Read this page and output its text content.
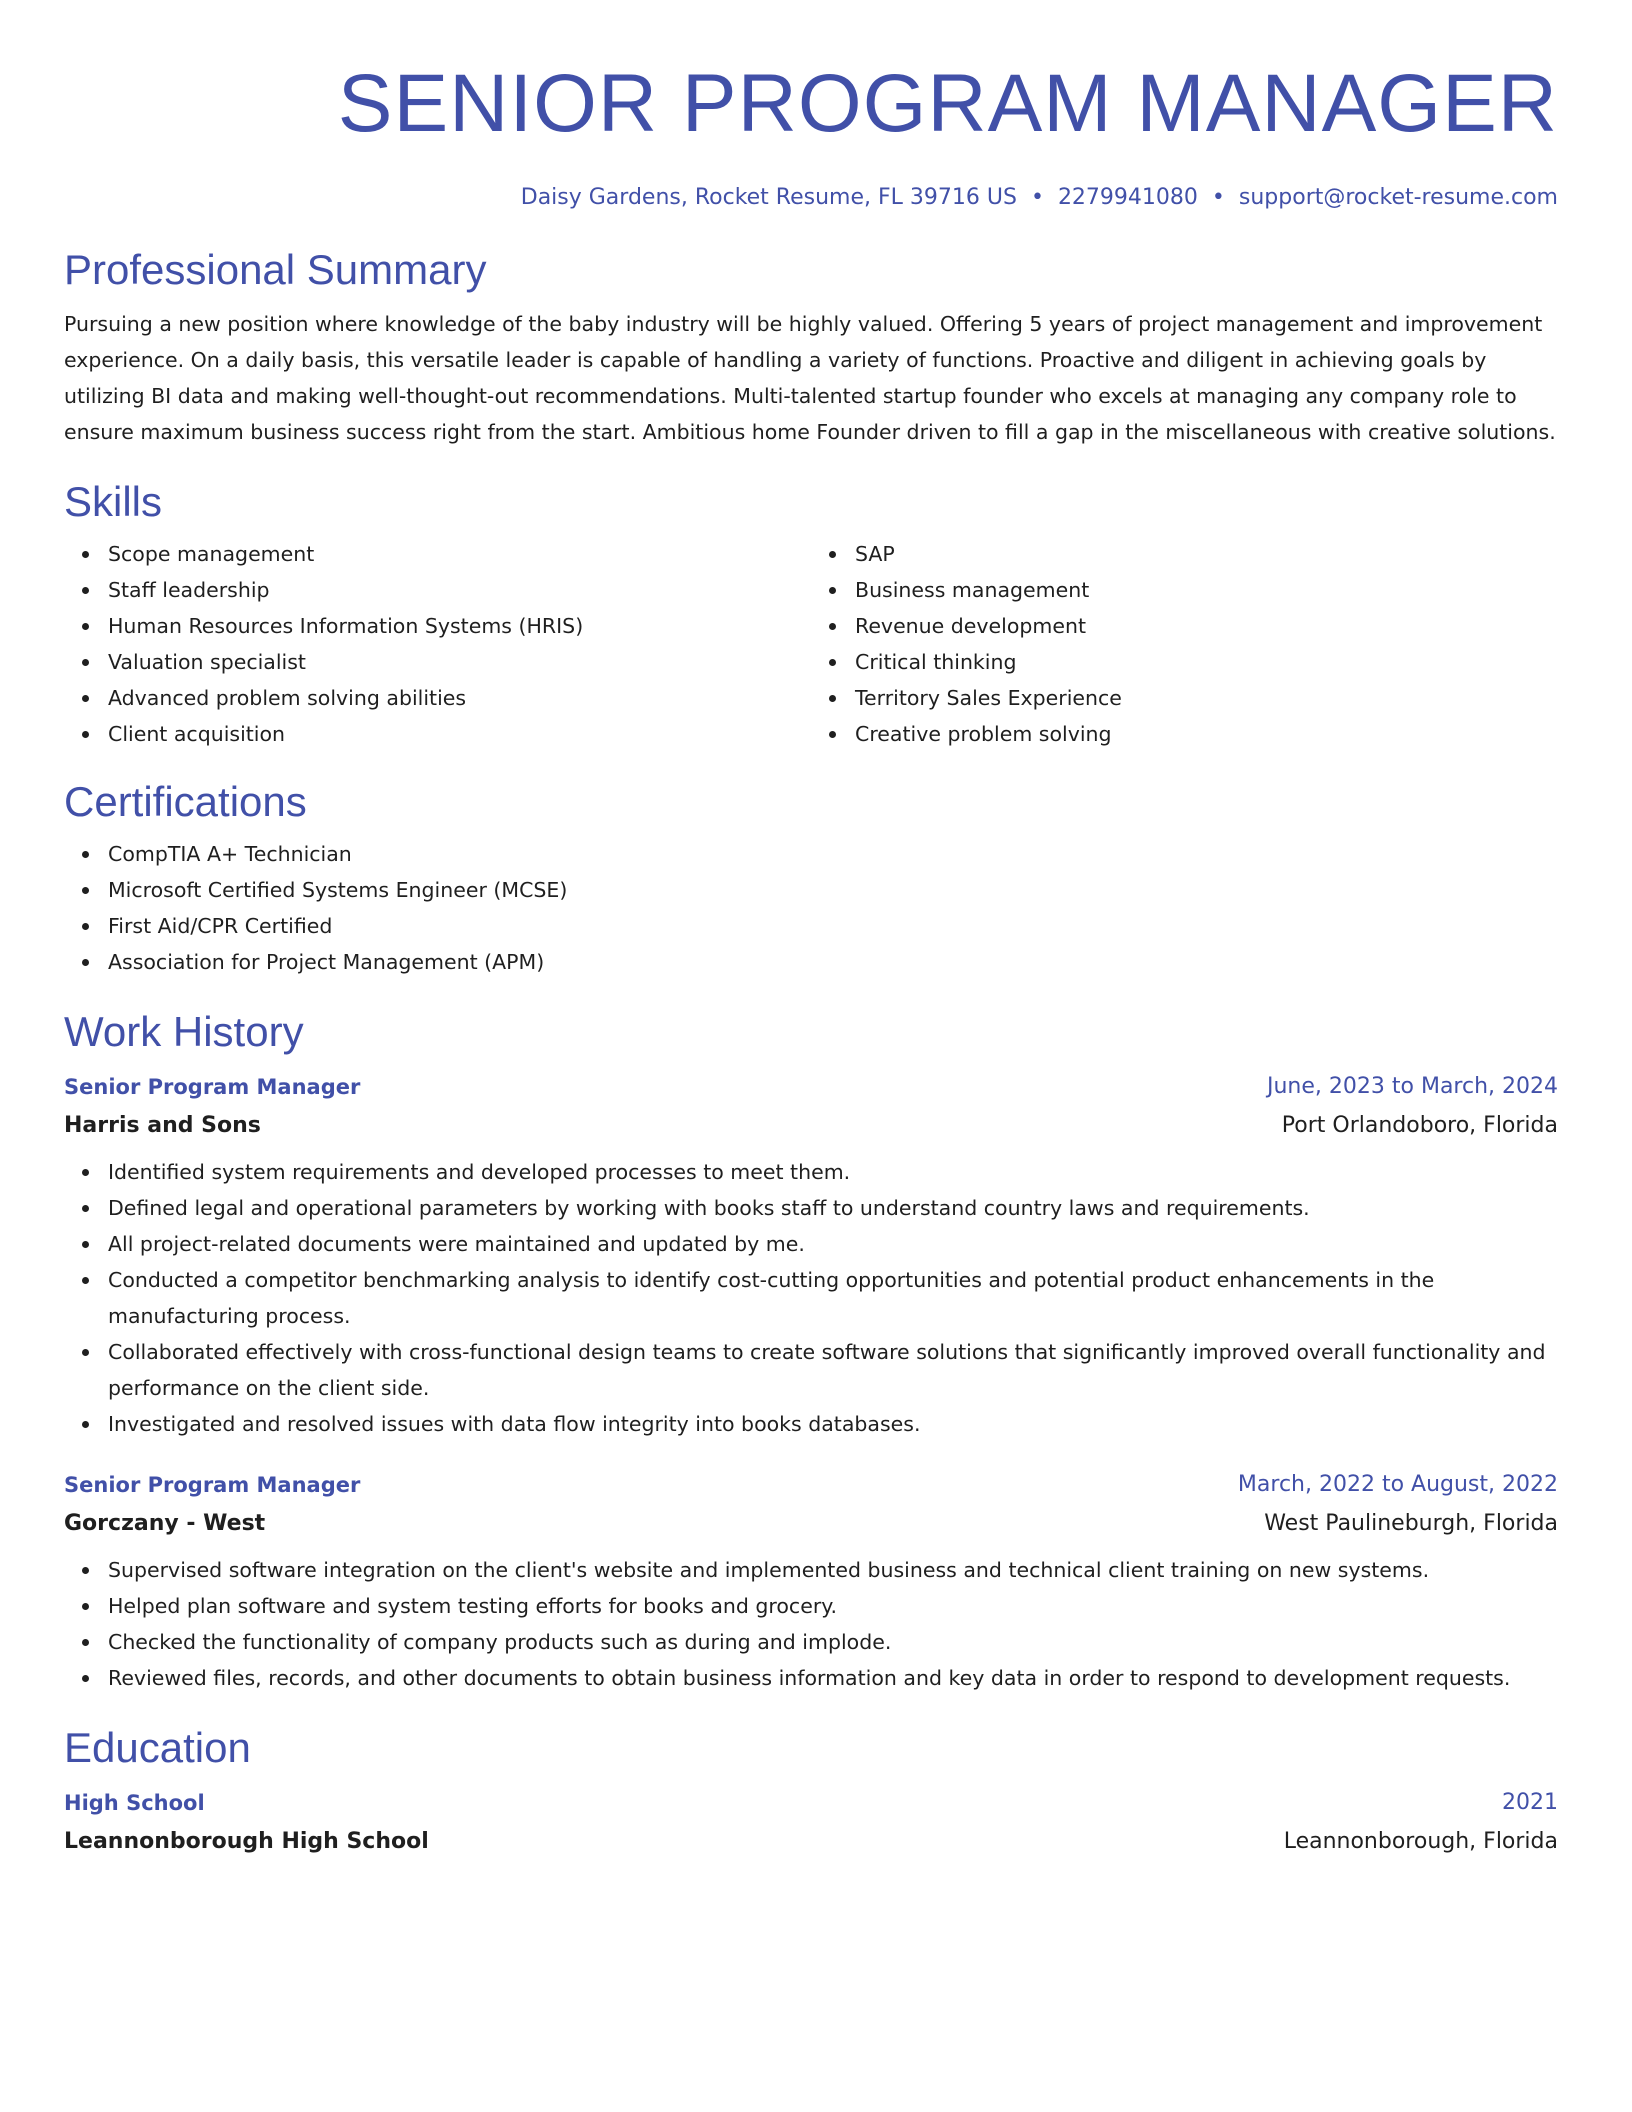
SENIOR PROGRAM MANAGER
Daisy Gardens, Rocket Resume, FL 39716 US • 2279941080 • support@rocket-resume.com
Professional Summary
Pursuing a new position where knowledge of the baby industry will be highly valued. Offering 5 years of project management and improvement experience. On a daily basis, this versatile leader is capable of handling a variety of functions. Proactive and diligent in achieving goals by utilizing BI data and making well-thought-out recommendations. Multi-talented startup founder who excels at managing any company role to ensure maximum business success right from the start. Ambitious home Founder driven to fill a gap in the miscellaneous with creative solutions.
Skills
Scope management
Staff leadership
Human Resources Information Systems (HRIS)
Valuation specialist
Advanced problem solving abilities
Client acquisition
SAP
Business management
Revenue development
Critical thinking
Territory Sales Experience
Creative problem solving
Certifications
CompTIA A+ Technician
Microsoft Certified Systems Engineer (MCSE)
First Aid/CPR Certified
Association for Project Management (APM)
Work History
Senior Program Manager	June, 2023 to March, 2024
Harris and Sons	Port Orlandoboro, Florida
Identified system requirements and developed processes to meet them.
Defined legal and operational parameters by working with books staff to understand country laws and requirements.
All project-related documents were maintained and updated by me.
Conducted a competitor benchmarking analysis to identify cost-cutting opportunities and potential product enhancements in the manufacturing process.
Collaborated effectively with cross-functional design teams to create software solutions that significantly improved overall functionality and performance on the client side.
Investigated and resolved issues with data flow integrity into books databases.
Senior Program Manager	March, 2022 to August, 2022
Gorczany - West	West Paulineburgh, Florida
Supervised software integration on the client's website and implemented business and technical client training on new systems.
Helped plan software and system testing efforts for books and grocery.
Checked the functionality of company products such as during and implode.
Reviewed files, records, and other documents to obtain business information and key data in order to respond to development requests.
Education
High School	2021
Leannonborough High School	Leannonborough, Florida
